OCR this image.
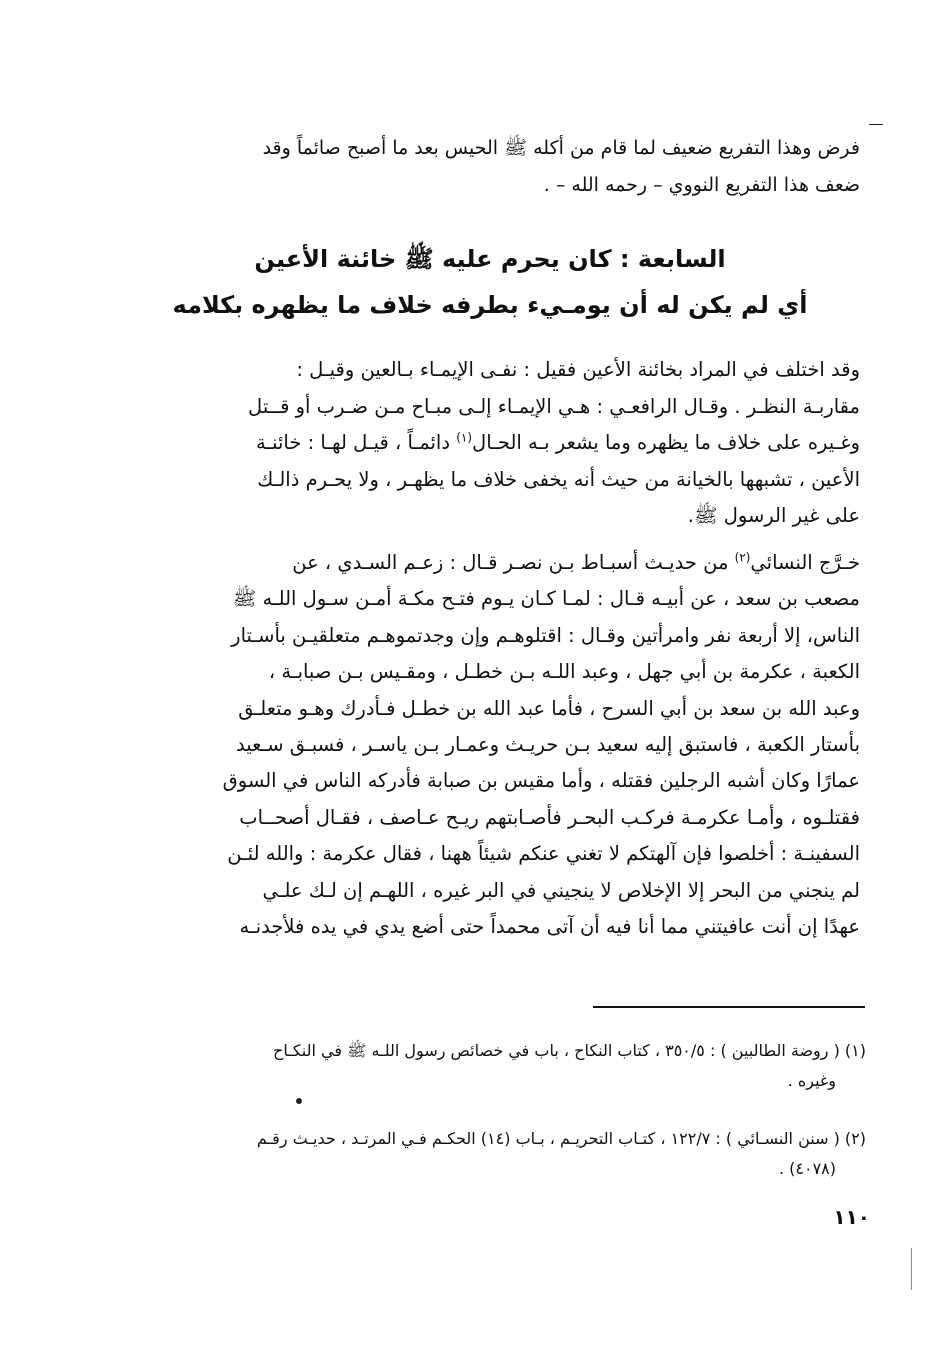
فرض وهذا التفريع ضعيف لما قام من أكله ﷺ الحيس بعد ما أصبح صائماً وقد
ضعف هذا التفريع النووي – رحمه الله – .
السابعة : كان يحرم عليه ﷺ خائنة الأعين
أي لم يكن له أن يومـيء بطرفه خلاف ما يظهره بكلامه
وقد اختلف في المراد بخائنة الأعين فقيل : نفـى الإيمـاء بـالعين وقيـل :
مقاربـة النظـر . وقـال الرافعـي : هـي الإيمـاء إلـى مبـاح مـن ضـرب أو قــتل
وغـيره على خلاف ما يظهره وما يشعر بـه الحـال$^{(١)}$ دائمـاً ، قيـل لهـا : خائنـة
الأعين ، تشبهها بالخيانة من حيث أنه يخفى خلاف ما يظهـر ، ولا يحـرم ذالـك
على غير الرسول ﷺ.
خـرَّج النسائي$^{(٢)}$ من حديـث أسبـاط بـن نصـر قـال : زعـم السـدي ، عن
مصعب بن سعد ، عن أبيـه قـال : لمـا كـان يـوم فتـح مكـة أمـن سـول اللـه ﷺ
الناس، إلا أربعة نفر وامرأتين وقـال : اقتلوهـم وإن وجدتموهـم متعلقيـن بأسـتار
الكعبة ، عكرمة بن أبي جهل ، وعبد اللـه بـن خطـل ، ومقـيس بـن صبابـة ،
وعبد الله بن سعد بن أبي السرح ، فأما عبد الله بن خطـل فـأدرك وهـو متعلـق
بأستار الكعبة ، فاستبق إليه سعيد بـن حريـث وعمـار بـن ياسـر ، فسبـق سـعيد
عمارًا وكان أشبه الرجلين فقتله ، وأما مقيس بن صبابة فأدركه الناس في السوق
فقتلـوه ، وأمـا عكرمـة فركـب البحـر فأصـابتهم ريـح عـاصف ، فقـال أصحــاب
السفينـة : أخلصوا فإن آلهتكم لا تغني عنكم شيئاً ههنا ، فقال عكرمة : والله لئـن
لم ينجني من البحر إلا الإخلاص لا ينجيني في البر غيره ، اللهـم إن لـك علـي
عهدًا إن أنت عافيتني مما أنا فيه أن آتى محمداً حتى أضع يدي في يده فلأجدنـه
(١) ( روضة الطالبين ) : ٣٥٠/٥ ، كتاب النكاح ، باب في خصائص رسول اللـه ﷺ في النكـاح
وغيره .
(٢) ( سنن النسـائي ) : ١٢٢/٧ ، كتـاب التحريـم ، بـاب (١٤) الحكـم فـي المرتـد ، حديـث رقـم
(٤٠٧٨) .
١١٠
